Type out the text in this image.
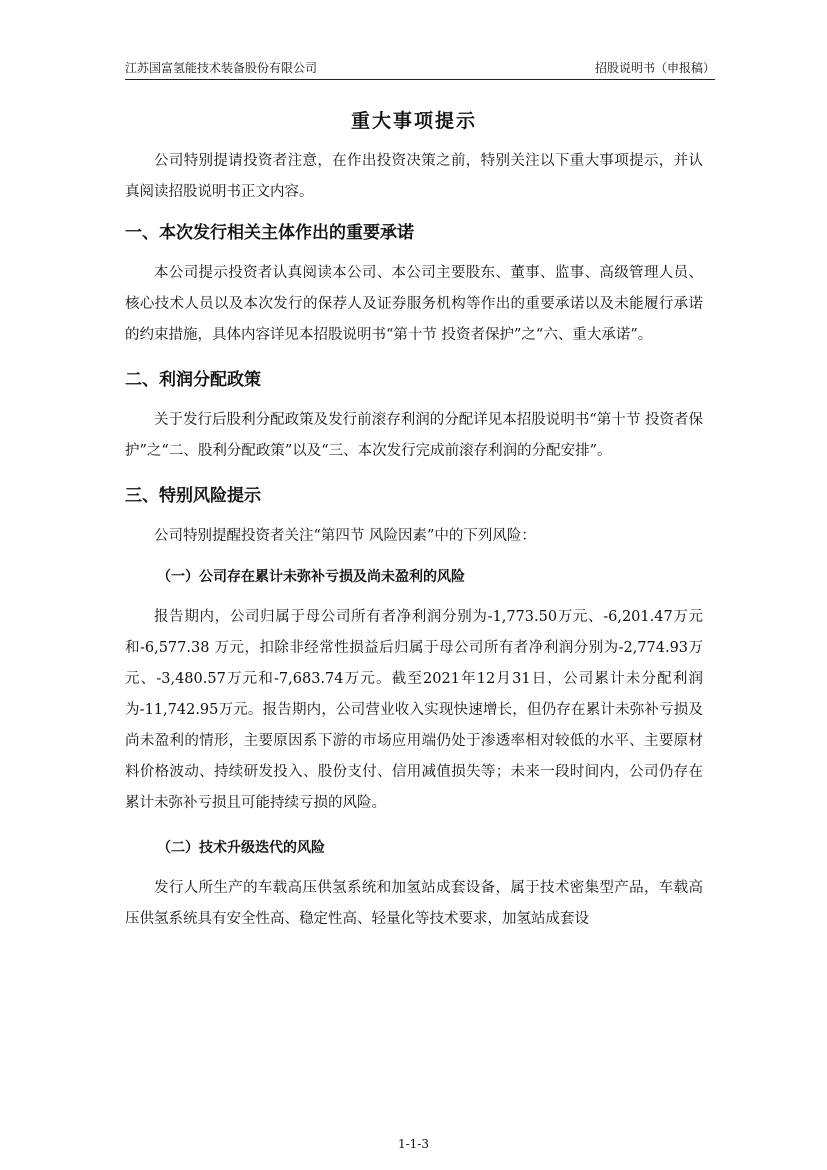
江苏国富氢能技术装备股份有限公司	招股说明书（申报稿）
重大事项提示

公司特别提请投资者注意，在作出投资决策之前，特别关注以下重大事项提示，并认真阅读招股说明书正文内容。

一、本次发行相关主体作出的重要承诺

本公司提示投资者认真阅读本公司、本公司主要股东、董事、监事、高级管理人员、核心技术人员以及本次发行的保荐人及证券服务机构等作出的重要承诺以及未能履行承诺的约束措施，具体内容详见本招股说明书“第十节 投资者保护”之“六、重大承诺”。

二、利润分配政策

关于发行后股利分配政策及发行前滚存利润的分配详见本招股说明书“第十节 投资者保护”之“二、股利分配政策”以及“三、本次发行完成前滚存利润的分配安排”。

三、特别风险提示

公司特别提醒投资者关注“第四节 风险因素”中的下列风险：

（一）公司存在累计未弥补亏损及尚未盈利的风险

报告期内，公司归属于母公司所有者净利润分别为-1,773.50万元、-6,201.47万元和-6,577.38 万元，扣除非经常性损益后归属于母公司所有者净利润分别为-2,774.93万元、-3,480.57万元和-7,683.74万元。截至2021年12月31日，公司累计未分配利润为-11,742.95万元。报告期内，公司营业收入实现快速增长，但仍存在累计未弥补亏损及尚未盈利的情形，主要原因系下游的市场应用端仍处于渗透率相对较低的水平、主要原材料价格波动、持续研发投入、股份支付、信用减值损失等；未来一段时间内，公司仍存在累计未弥补亏损且可能持续亏损的风险。

（二）技术升级迭代的风险

发行人所生产的车载高压供氢系统和加氢站成套设备，属于技术密集型产品，车载高压供氢系统具有安全性高、稳定性高、轻量化等技术要求，加氢站成套设

1-1-3
